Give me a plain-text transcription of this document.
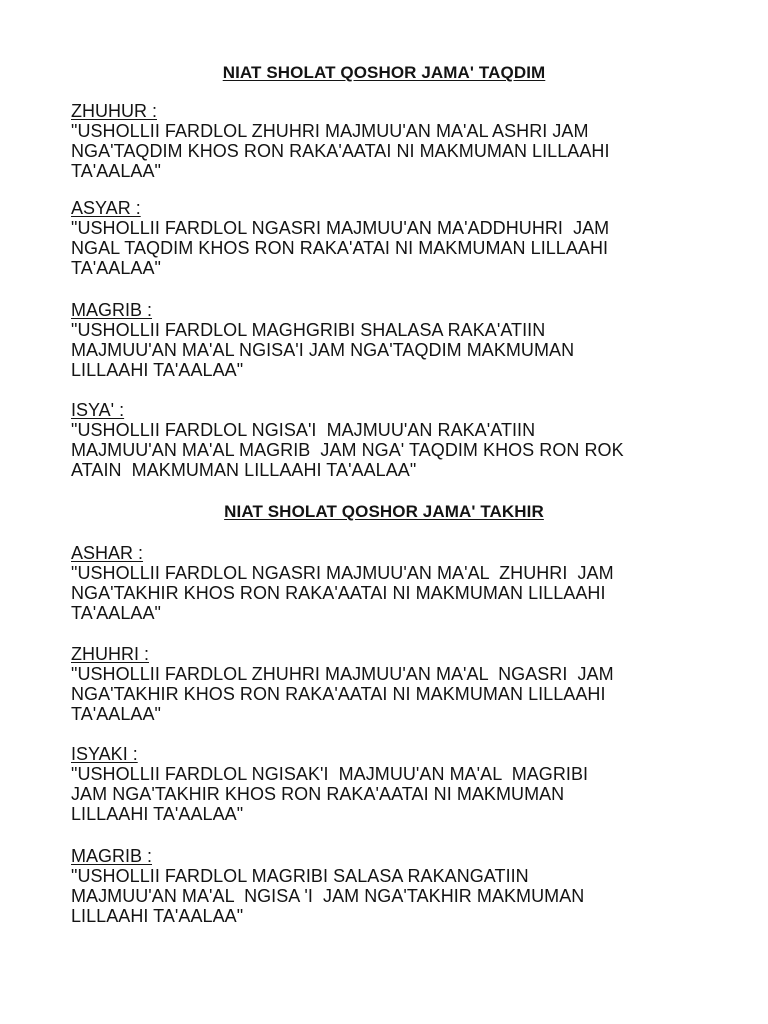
NIAT SHOLAT QOSHOR JAMA' TAQDIM
ZHUHUR :
"USHOLLII FARDLOL ZHUHRI MAJMUU'AN MA'AL ASHRI JAM
NGA'TAQDIM KHOS RON RAKA'AATAI NI MAKMUMAN LILLAAHI
TA'AALAA"
ASYAR :
"USHOLLII FARDLOL NGASRI MAJMUU'AN MA'ADDHUHRI  JAM
NGAL TAQDIM KHOS RON RAKA'ATAI NI MAKMUMAN LILLAAHI
TA'AALAA"
MAGRIB :
"USHOLLII FARDLOL MAGHGRIBI SHALASA RAKA'ATIIN
MAJMUU'AN MA'AL NGISA'I JAM NGA'TAQDIM MAKMUMAN
LILLAAHI TA'AALAA"
ISYA' :
"USHOLLII FARDLOL NGISA'I  MAJMUU'AN RAKA'ATIIN
MAJMUU'AN MA'AL MAGRIB  JAM NGA' TAQDIM KHOS RON ROK
ATAIN  MAKMUMAN LILLAAHI TA'AALAA"
NIAT SHOLAT QOSHOR JAMA' TAKHIR
ASHAR :
"USHOLLII FARDLOL NGASRI MAJMUU'AN MA'AL  ZHUHRI  JAM
NGA'TAKHIR KHOS RON RAKA'AATAI NI MAKMUMAN LILLAAHI
TA'AALAA"
ZHUHRI :
"USHOLLII FARDLOL ZHUHRI MAJMUU'AN MA'AL  NGASRI  JAM
NGA'TAKHIR KHOS RON RAKA'AATAI NI MAKMUMAN LILLAAHI
TA'AALAA"
ISYAKI :
"USHOLLII FARDLOL NGISAK'I  MAJMUU'AN MA'AL  MAGRIBI
JAM NGA'TAKHIR KHOS RON RAKA'AATAI NI MAKMUMAN
LILLAAHI TA'AALAA"
MAGRIB :
"USHOLLII FARDLOL MAGRIBI SALASA RAKANGATIIN
MAJMUU'AN MA'AL  NGISA 'I  JAM NGA'TAKHIR MAKMUMAN
LILLAAHI TA'AALAA"
